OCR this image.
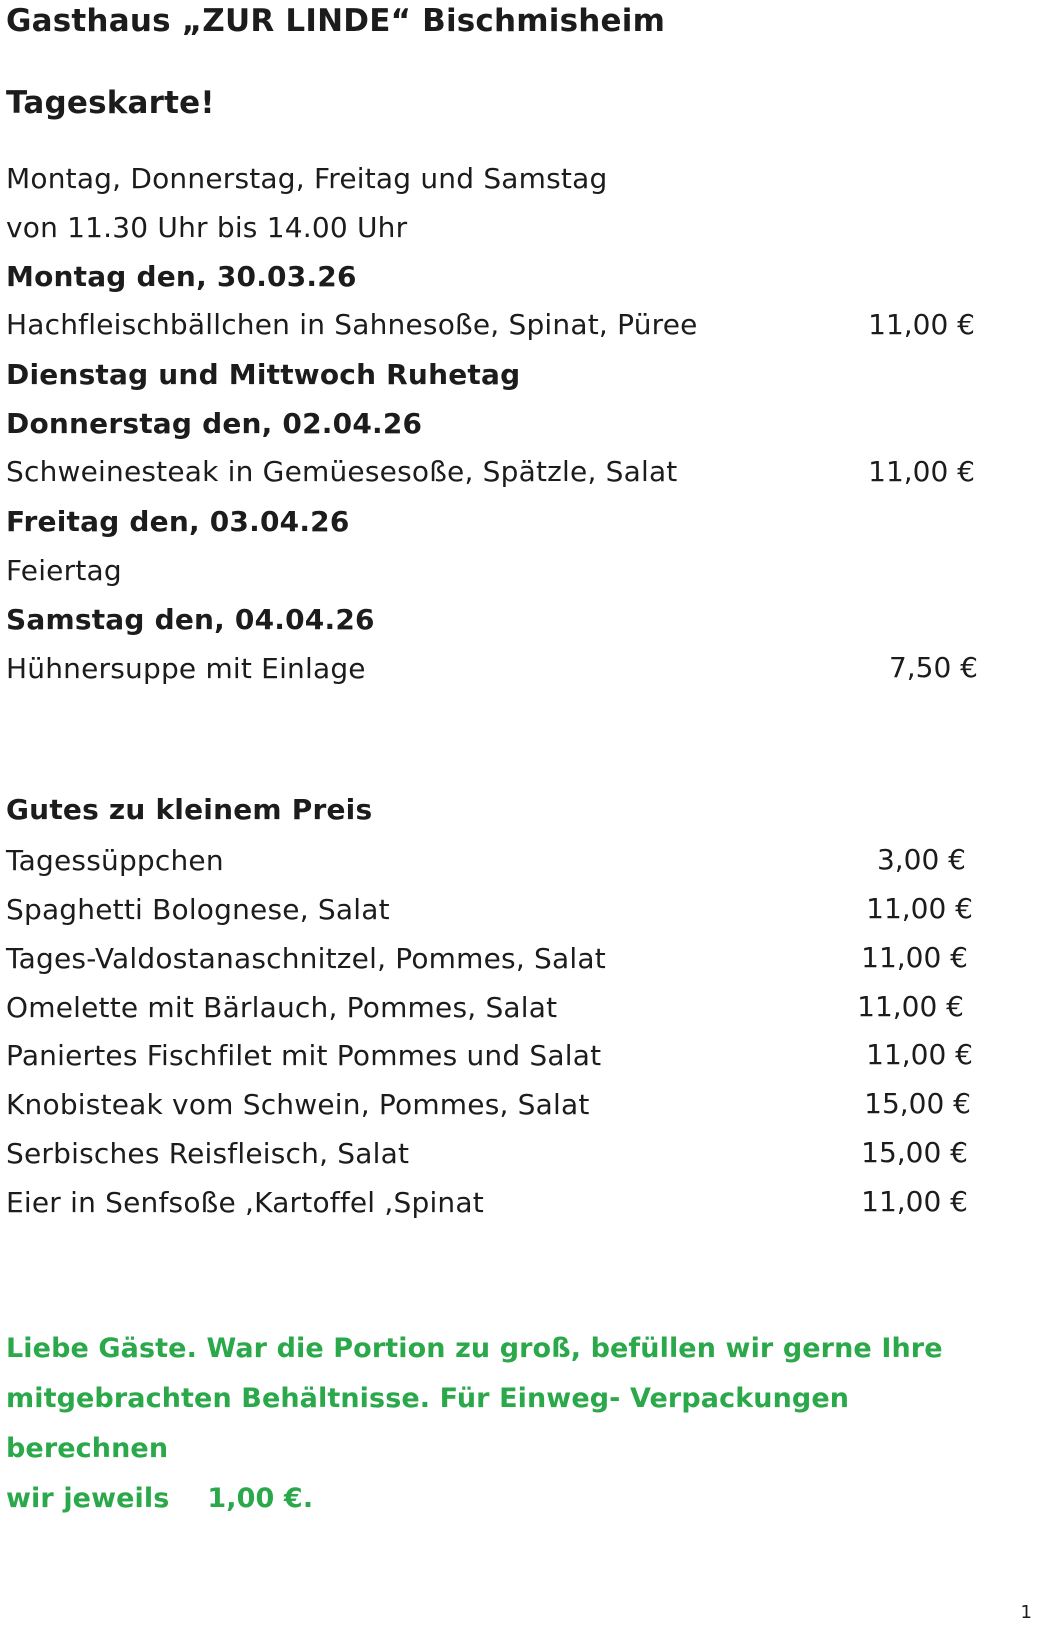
Gasthaus „ZUR LINDE“ Bischmisheim
Tageskarte!
Montag, Donnerstag, Freitag und Samstag
von 11.30 Uhr bis 14.00 Uhr
Montag den, 30.03.26
Hachfleischbällchen in Sahnesoße, Spinat, Püree	11,00 €
Dienstag und Mittwoch Ruhetag
Donnerstag den, 02.04.26
Schweinesteak in Gemüesesoße, Spätzle, Salat	11,00 €
Freitag den, 03.04.26
Feiertag
Samstag den, 04.04.26
Hühnersuppe mit Einlage	7,50 €
Gutes zu kleinem Preis
Tagessüppchen	3,00 €
Spaghetti Bolognese, Salat	11,00 €
Tages-Valdostanaschnitzel, Pommes, Salat	11,00 €
Omelette mit Bärlauch, Pommes, Salat	11,00 €
Paniertes Fischfilet mit Pommes und Salat	11,00 €
Knobisteak vom Schwein, Pommes, Salat	15,00 €
Serbisches Reisfleisch, Salat	15,00 €
Eier in Senfsoße ,Kartoffel ,Spinat	11,00 €
Liebe Gäste. War die Portion zu groß, befüllen wir gerne Ihre
mitgebrachten Behältnisse. Für Einweg- Verpackungen berechnen
wir jeweils    1,00 €.
1
